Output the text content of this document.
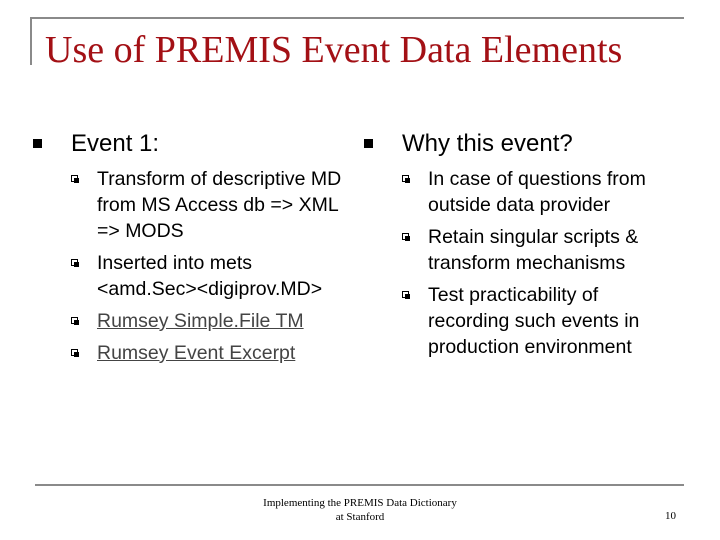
Use of PREMIS Event Data Elements
Event 1:
Transform of descriptive MD from MS Access db => XML => MODS
Inserted into mets <amd.Sec><digiprov.MD>
Rumsey Simple.File TM
Rumsey Event Excerpt
Why this event?
In case of questions from outside data provider
Retain singular scripts & transform mechanisms
Test practicability of recording such events in production environment
Implementing the PREMIS Data Dictionary
at Stanford	10
